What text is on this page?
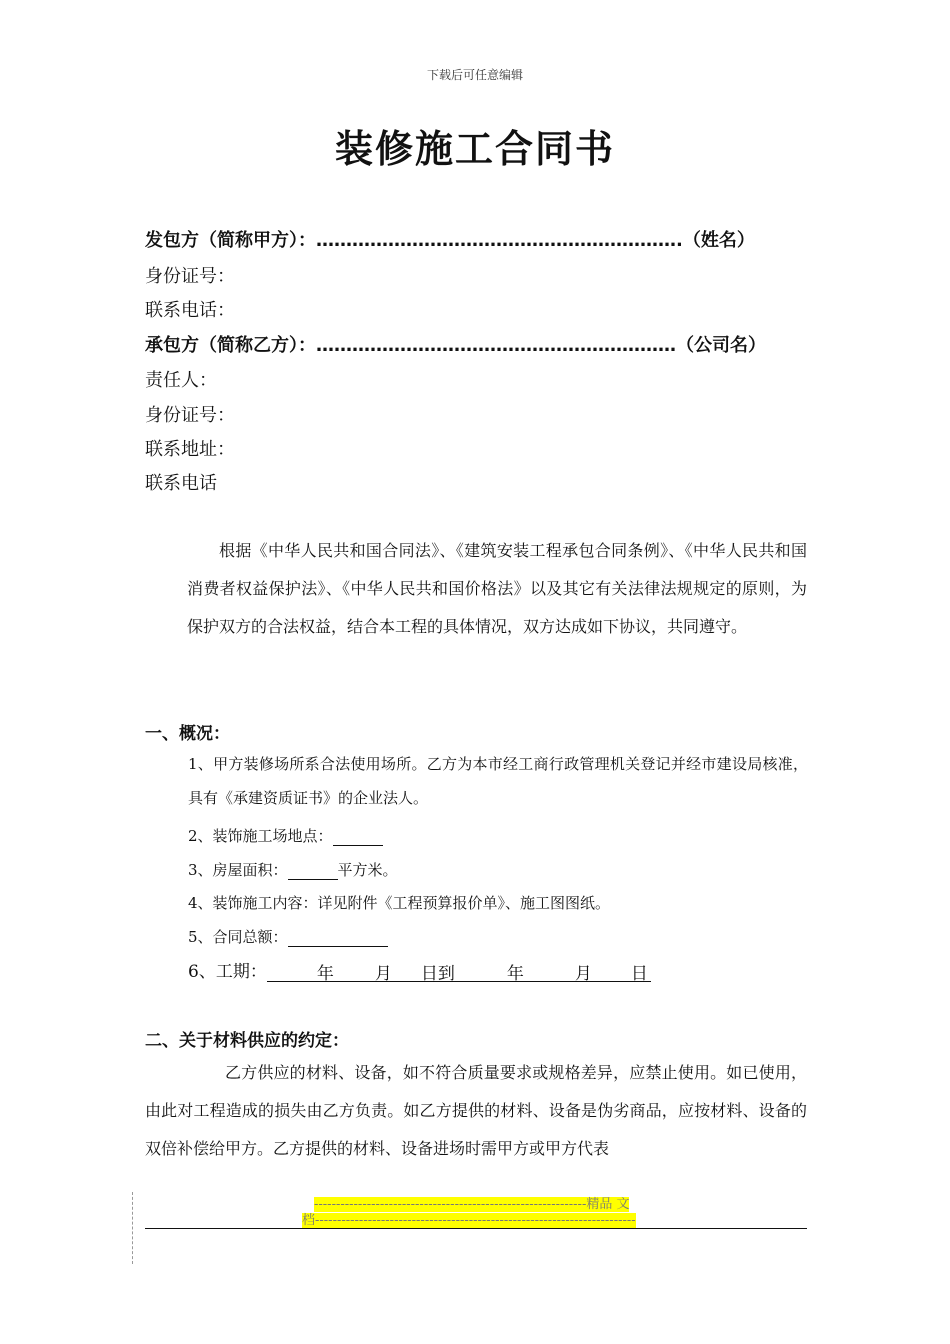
下载后可任意编辑
装修施工合同书
发包方（简称甲方）：…………………………………………………….（姓名）
身份证号：
联系电话：
承包方（简称乙方）：……………………………………………………（公司名）
责任人：
身份证号：
联系地址：
联系电话
根据《中华人民共和国合同法》、《建筑安装工程承包合同条例》、《中华人民共和国消费者权益保护法》、《中华人民共和国价格法》以及其它有关法律法规规定的原则，为保护双方的合法权益，结合本工程的具体情况，双方达成如下协议，共同遵守。
一、概况：
1、甲方装修场所系合法使用场所。乙方为本市经工商行政管理机关登记并经市建设局核准，具有《承建资质证书》的企业法人。
2、装饰施工场地点：
3、房屋面积：	平方米。
4、装饰施工内容：详见附件《工程预算报价单》、施工图图纸。
5、合同总额：
6、工期：	年 月 日到	年	月 日
二、关于材料供应的约定：
乙方供应的材料、设备，如不符合质量要求或规格差异，应禁止使用。如已使用，由此对工程造成的损失由乙方负责。如乙方提供的材料、设备是伪劣商品，应按材料、设备的双倍补偿给甲方。乙方提供的材料、设备进场时需甲方或甲方代表
--------------------------------------------------------------精品 文
档-------------------------------------------------------------------------
